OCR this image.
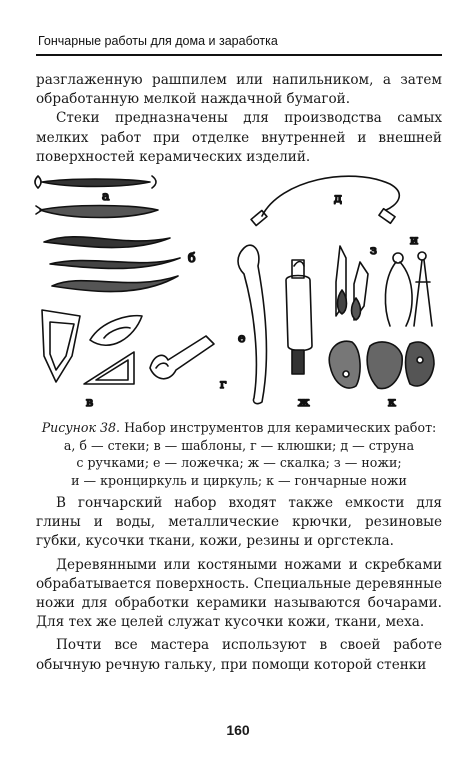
Гончарные работы для дома и заработка

разглаженную рашпилем или напильником, а затем обработанную мелкой наждачной бумагой.

Стеки предназначены для производства самых мелких работ при отделке внутренней и внешней поверхностей керамических изделий.

а
б
в
г
д
е
ж
з
и
к
Рисунок 38. Набор инструментов для керамических работ:
а, б — стеки; в — шаблоны, г — клюшки; д — струна
с ручками; е — ложечка; ж — скалка; з — ножи;
и — кронциркуль и циркуль; к — гончарные ножи

В гончарский набор входят также емкости для глины и воды, металлические крючки, резиновые губки, кусочки ткани, кожи, резины и оргстекла.

Деревянными или костяными ножами и скребками обрабатывается поверхность. Специальные деревянные ножи для обработки керамики называются бочарами. Для тех же целей служат кусочки кожи, ткани, меха.

Почти все мастера используют в своей работе обычную речную гальку, при помощи которой стенки

160
